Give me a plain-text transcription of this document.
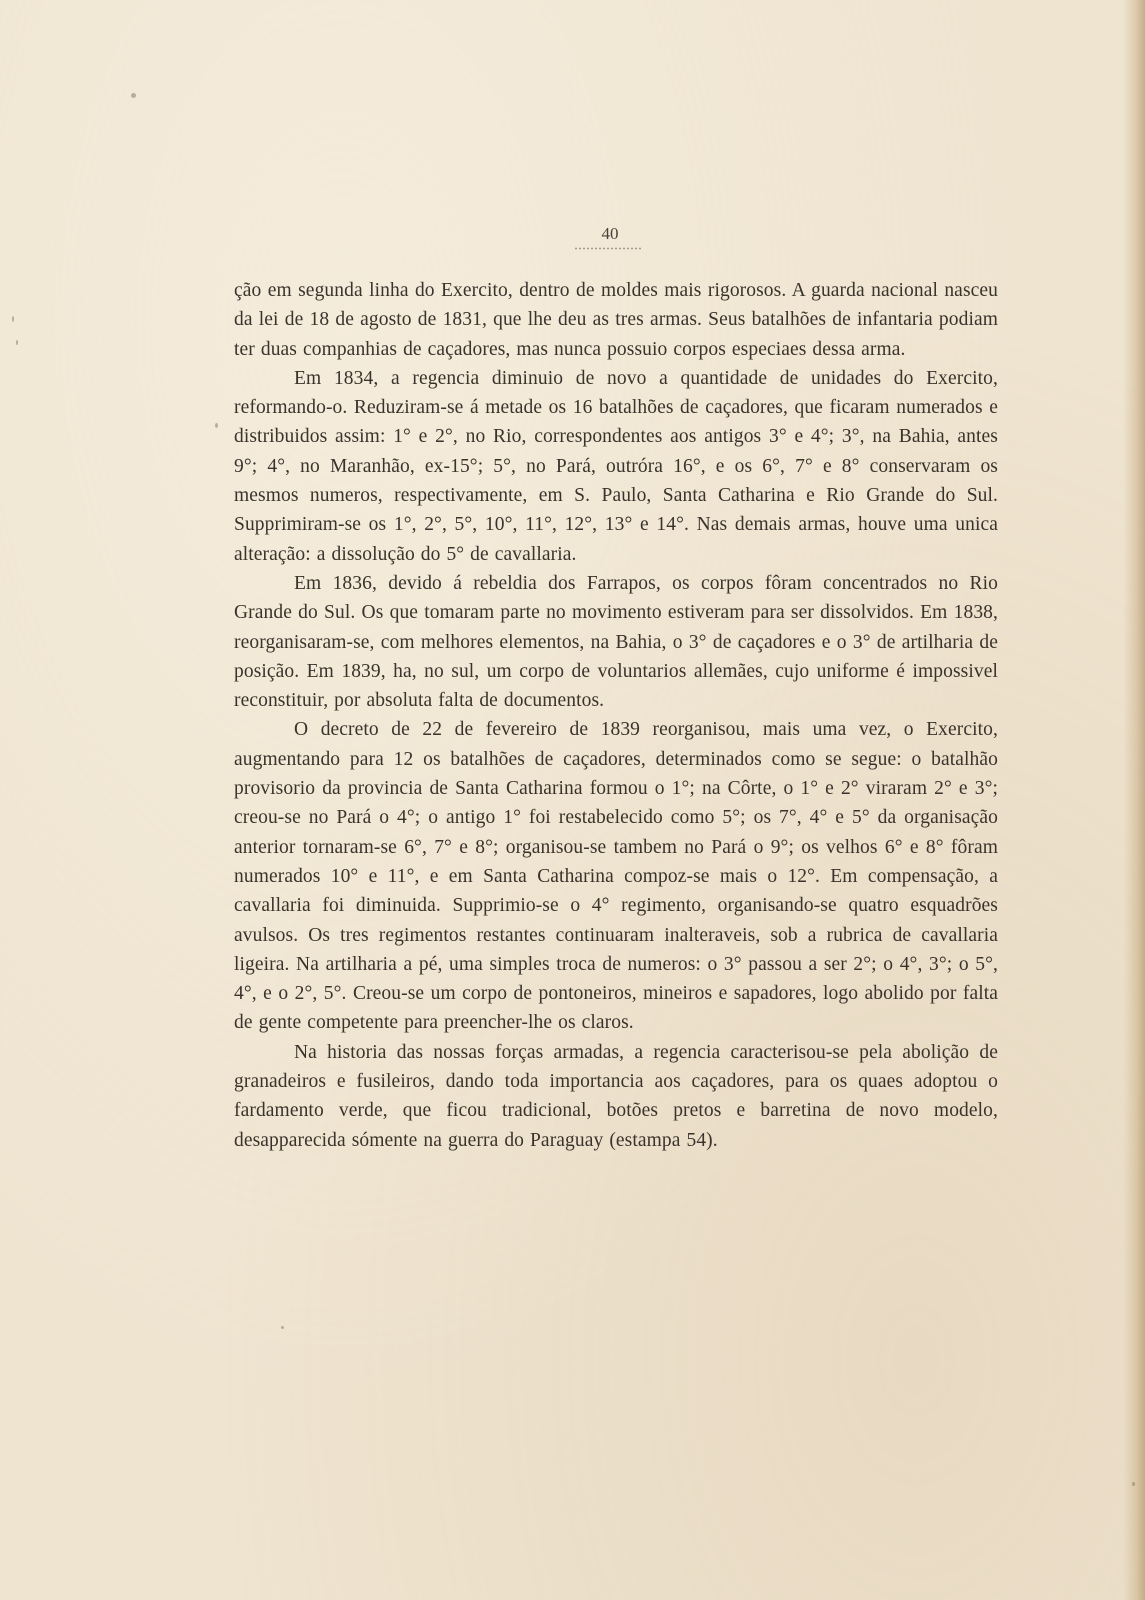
40

ção em segunda linha do Exercito, dentro de moldes mais rigorosos. A guarda nacional nasceu da lei de 18 de agosto de 1831, que lhe deu as tres armas. Seus batalhões de infantaria podiam ter duas companhias de caçadores, mas nunca possuio corpos especiaes dessa arma.

Em 1834, a regencia diminuio de novo a quantidade de unidades do Exercito, reformando-o. Reduziram-se á metade os 16 batalhões de caçadores, que ficaram numerados e distribuidos assim: 1° e 2°, no Rio, correspondentes aos antigos 3° e 4°; 3°, na Bahia, antes 9°; 4°, no Maranhão, ex-15°; 5°, no Pará, outróra 16°, e os 6°, 7° e 8° conservaram os mesmos numeros, respectivamente, em S. Paulo, Santa Catharina e Rio Grande do Sul. Supprimiram-se os 1°, 2°, 5°, 10°, 11°, 12°, 13° e 14°. Nas demais armas, houve uma unica alteração: a dissolução do 5° de cavallaria.

Em 1836, devido á rebeldia dos Farrapos, os corpos fôram concentrados no Rio Grande do Sul. Os que tomaram parte no movimento estiveram para ser dissolvidos. Em 1838, reorganisaram-se, com melhores elementos, na Bahia, o 3° de caçadores e o 3° de artilharia de posição. Em 1839, ha, no sul, um corpo de voluntarios allemães, cujo uniforme é impossivel reconstituir, por absoluta falta de documentos.

O decreto de 22 de fevereiro de 1839 reorganisou, mais uma vez, o Exercito, augmentando para 12 os batalhões de caçadores, determinados como se segue: o batalhão provisorio da provincia de Santa Catharina formou o 1°; na Côrte, o 1° e 2° viraram 2° e 3°; creou-se no Pará o 4°; o antigo 1° foi restabelecido como 5°; os 7°, 4° e 5° da organisação anterior tornaram-se 6°, 7° e 8°; organisou-se tambem no Pará o 9°; os velhos 6° e 8° fôram numerados 10° e 11°, e em Santa Catharina compoz-se mais o 12°. Em compensação, a cavallaria foi diminuida. Supprimio-se o 4° regimento, organisando-se quatro esquadrões avulsos. Os tres regimentos restantes continuaram inalteraveis, sob a rubrica de cavallaria ligeira. Na artilharia a pé, uma simples troca de numeros: o 3° passou a ser 2°; o 4°, 3°; o 5°, 4°, e o 2°, 5°. Creou-se um corpo de pontoneiros, mineiros e sapadores, logo abolido por falta de gente competente para preencher-lhe os claros.

Na historia das nossas forças armadas, a regencia caracterisou-se pela abolição de granadeiros e fusileiros, dando toda importancia aos caçadores, para os quaes adoptou o fardamento verde, que ficou tradicional, botões pretos e barretina de novo modelo, desapparecida sómente na guerra do Paraguay (estampa 54).
